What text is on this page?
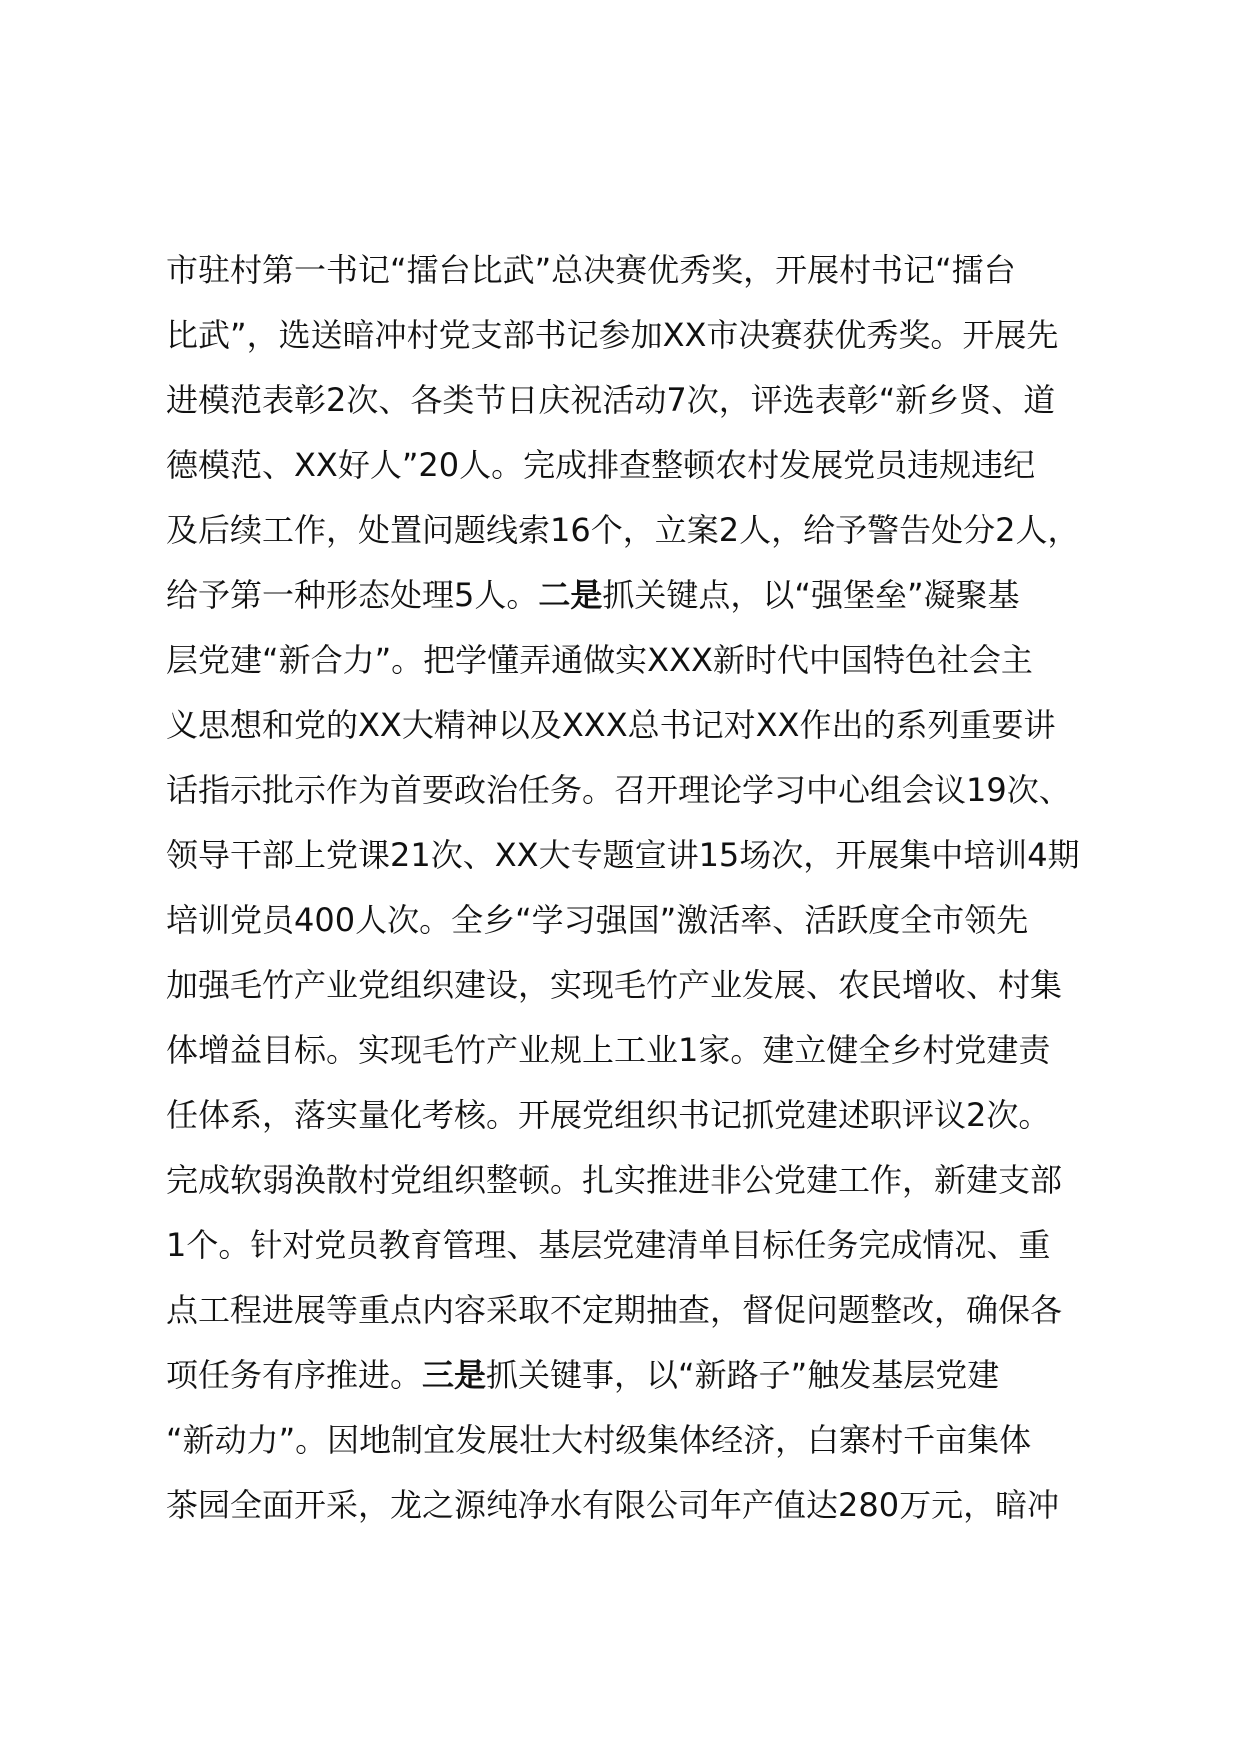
市驻村第一书记“擂台比武”总决赛优秀奖，开展村书记“擂台
比武”，选送暗冲村党支部书记参加XX市决赛获优秀奖。开展先
进模范表彰2次、各类节日庆祝活动7次，评选表彰“新乡贤、道
德模范、XX好人”20人。完成排查整顿农村发展党员违规违纪
及后续工作，处置问题线索16个，立案2人，给予警告处分2人，
给予第一种形态处理5人。二是抓关键点，以“强堡垒”凝聚基
层党建“新合力”。把学懂弄通做实XXX新时代中国特色社会主
义思想和党的XX大精神以及XXX总书记对XX作出的系列重要讲
话指示批示作为首要政治任务。召开理论学习中心组会议19次、
领导干部上党课21次、XX大专题宣讲15场次，开展集中培训4期
培训党员400人次。全乡“学习强国”激活率、活跃度全市领先
加强毛竹产业党组织建设，实现毛竹产业发展、农民增收、村集
体增益目标。实现毛竹产业规上工业1家。建立健全乡村党建责
任体系，落实量化考核。开展党组织书记抓党建述职评议2次。
完成软弱涣散村党组织整顿。扎实推进非公党建工作，新建支部
1个。针对党员教育管理、基层党建清单目标任务完成情况、重
点工程进展等重点内容采取不定期抽查，督促问题整改，确保各
项任务有序推进。三是抓关键事，以“新路子”触发基层党建
“新动力”。因地制宜发展壮大村级集体经济，白寨村千亩集体
茶园全面开采，龙之源纯净水有限公司年产值达280万元，暗冲
